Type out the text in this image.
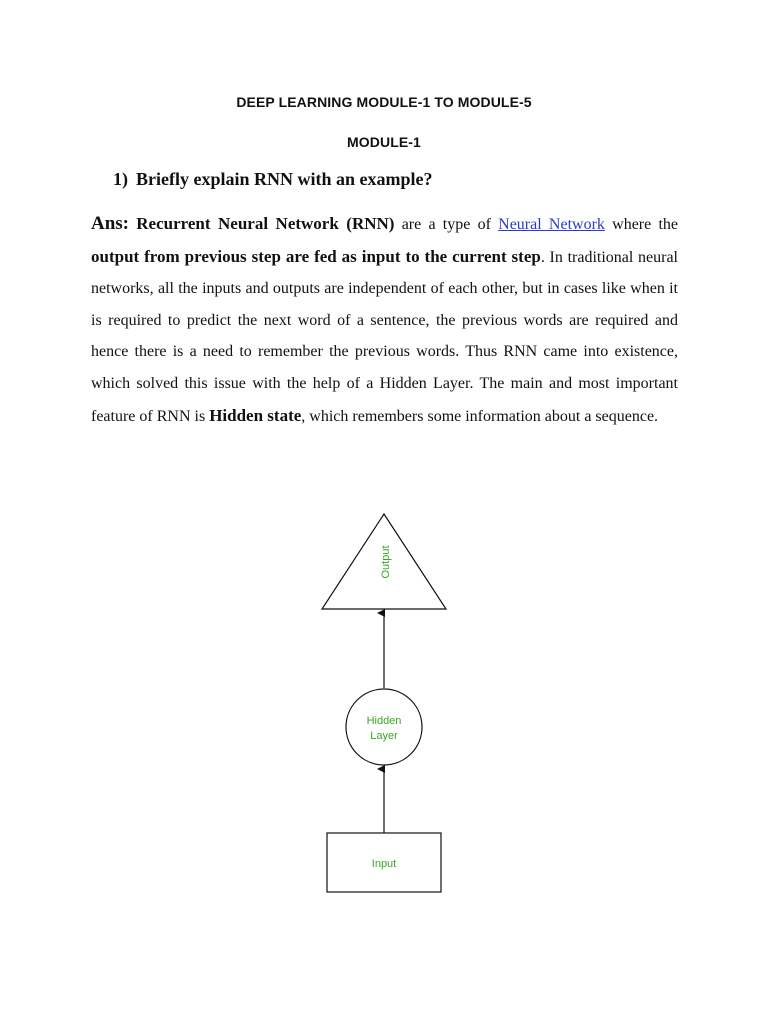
DEEP LEARNING MODULE-1 TO MODULE-5
MODULE-1
1) Briefly explain RNN with an example?
Ans: Recurrent Neural Network (RNN) are a type of Neural Network where the output from previous step are fed as input to the current step. In traditional neural networks, all the inputs and outputs are independent of each other, but in cases like when it is required to predict the next word of a sentence, the previous words are required and hence there is a need to remember the previous words. Thus RNN came into existence, which solved this issue with the help of a Hidden Layer. The main and most important feature of RNN is Hidden state, which remembers some information about a sequence.
Output
Hidden
Layer
Input
